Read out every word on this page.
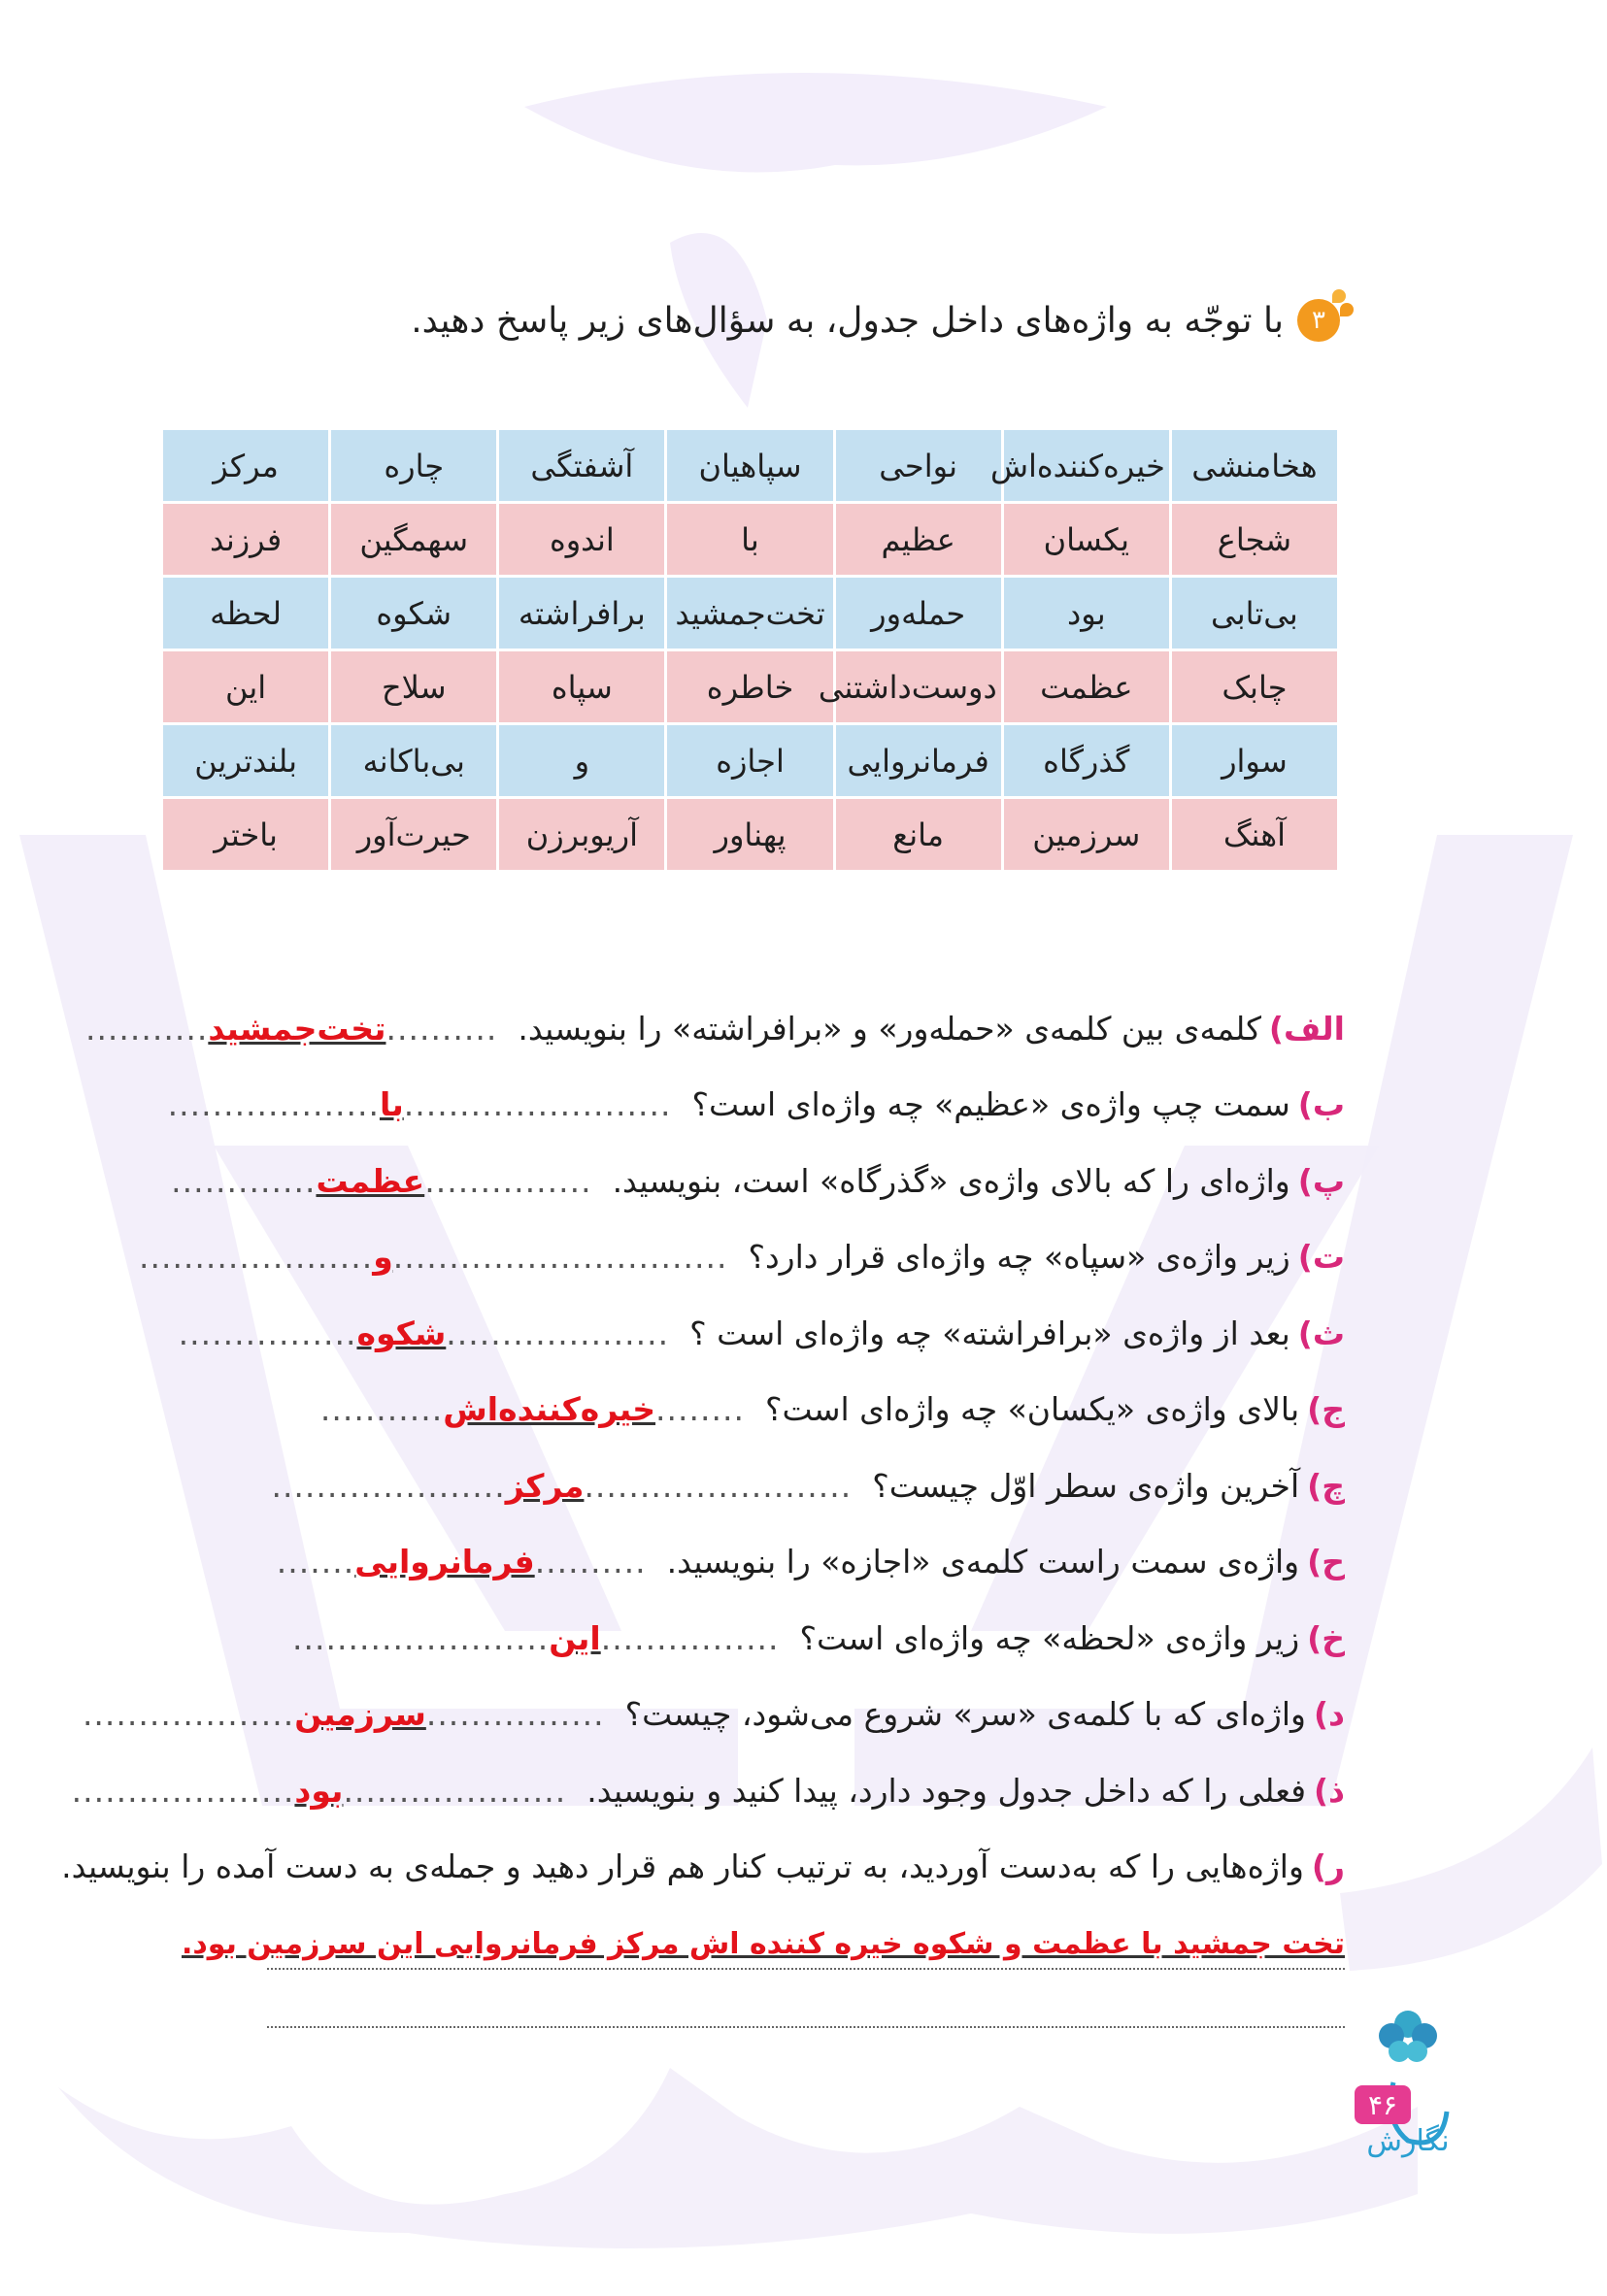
۳
با توجّه به واژه‌های داخل جدول، به سؤال‌های زیر پاسخ دهید.
هخامنشی	خیره‌کننده‌اش	نواحی	سپاهیان	آشفتگی	چاره	مرکز
شجاع	یکسان	عظیم	با	اندوه	سهمگین	فرزند
بی‌تابی	بود	حمله‌ور	تخت‌جمشید	برافراشته	شکوه	لحظه
چابک	عظمت	دوست‌داشتنی	خاطره	سپاه	سلاح	این
سوار	گذرگاه	فرمانروایی	اجازه	و	بی‌باکانه	بلندترین
آهنگ	سرزمین	مانع	پهناور	آریوبرزن	حیرت‌آور	باختر
الف)
کلمه‌ی بین کلمه‌ی «حمله‌ور» و «برافراشته» را بنویسید.

..........
تخت‌جمشید
...........
ب)
سمت چپ واژه‌ی «عظیم» چه واژه‌ای است؟

........................
با
...................
پ)
واژه‌ای را که بالای واژه‌ی «گذرگاه» است، بنویسید.

...............
عظمت
.............
ت)
زیر واژه‌ی «سپاه» چه واژه‌ای قرار دارد؟

..............................
و
.....................
ث)
بعد از واژه‌ی «برافراشته» چه واژه‌ای است ؟

....................
شکوه
................
ج)
بالای واژه‌ی «یکسان» چه واژه‌ای است؟

........
خیره‌کننده‌اش
...........
چ)
آخرین واژه‌ی سطر اوّل چیست؟

........................
مرکز
.....................
ح)
واژه‌ی سمت راست کلمه‌ی «اجازه» را بنویسید.

..........
فرمانروایی
.......
خ)
زیر واژه‌ی «لحظه» چه واژه‌ای است؟

................
این
.......................
د)
واژه‌ای که با کلمه‌ی «سر» شروع می‌شود، چیست؟

................
سرزمین
...................
ذ)
فعلی را که داخل جدول وجود دارد، پیدا کنید و بنویسید.

....................
بود
....................
ر)
واژه‌هایی را که به‌دست آوردید، به ترتیب کنار هم قرار دهید و جمله‌ی به دست آمده را بنویسید.

تخت جمشید با عظمت و شکوه خیره کننده اش مرکز فرمانروایی این سرزمین بود.
نگارش
۴۶
